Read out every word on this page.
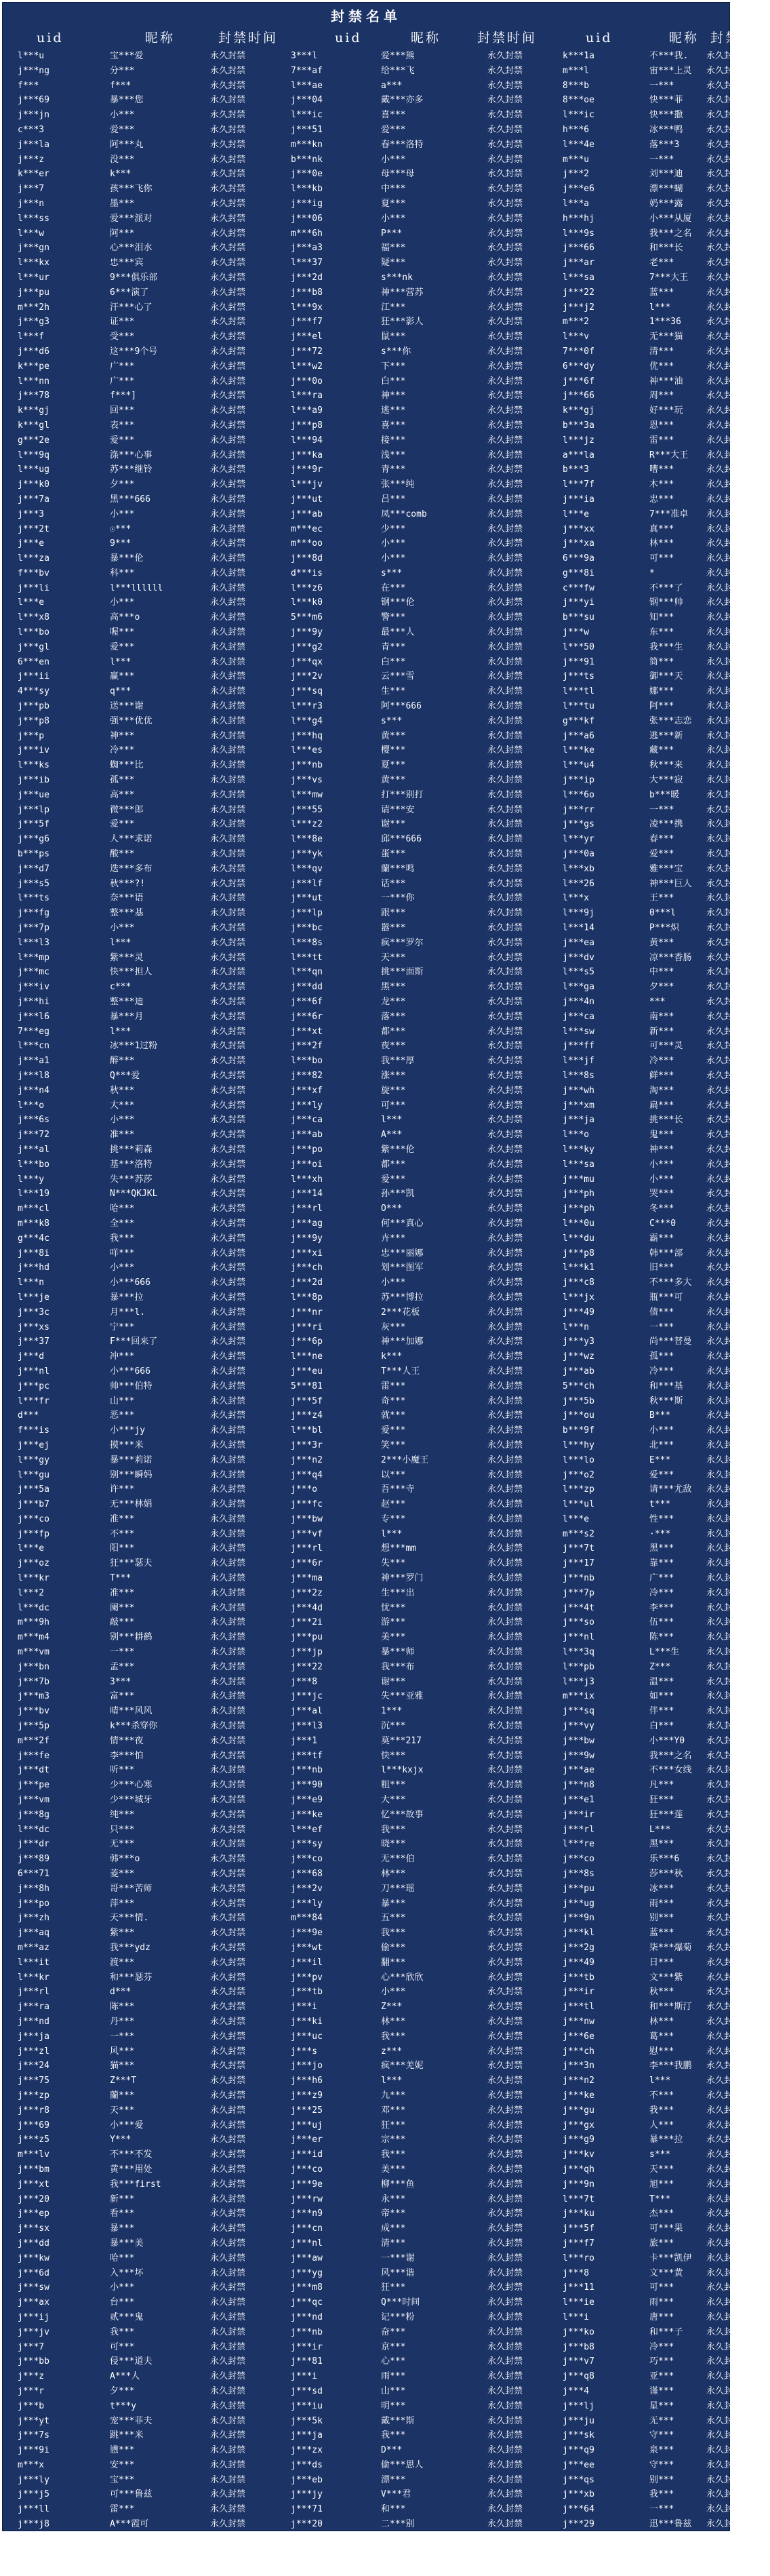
封禁名单
uid	昵称	封禁时间	uid	昵称	封禁时间	uid	昵称 封禁时间
l***u	宝***爱	永久封禁	3***l	爱***熊	永久封禁	k***1a	不***我.	永久封禁
j***ng	分***	永久封禁	7***af	给***飞	永久封禁	m***l	宙***上灵	永久封禁
f***	f***	永久封禁	l***ae	a***	永久封禁	8***b	一***	永久封禁
j***69	暴***您	永久封禁	j***04	戴***亦多	永久封禁	8***oe	快***菲	永久封禁
j***jn	小***	永久封禁	l***ic	喜***	永久封禁	l***ic	快***撒	永久封禁
c***3	爱***	永久封禁	j***51	爱***	永久封禁	h***6	冰***鸭	永久封禁
j***la	阿***丸	永久封禁	m***kn	春***洛特	永久封禁	l***4e	落***3	永久封禁
j***z	没***	永久封禁	b***nk	小***	永久封禁	m***u	一***	永久封禁
k***er	k***	永久封禁	j***0e	母***母	永久封禁	j***2	刘***迪	永久封禁
j***7	孩***飞你	永久封禁	l***kb	中***	永久封禁	j***e6	漂***蝴	永久封禁
j***n	墨***	永久封禁	j***ig	夏***	永久封禁	l***a	奶***露	永久封禁
l***ss	爱***派对	永久封禁	j***06	小***	永久封禁	h***hj	小***从厦	永久封禁
l***w	阿***	永久封禁	m***6h	P***	永久封禁	l***9s	我***之名	永久封禁
j***gn	心***泪水	永久封禁	j***a3	福***	永久封禁	j***66	和***长	永久封禁
l***kx	忠***宾	永久封禁	l***37	疑***	永久封禁	j***ar	老***	永久封禁
l***ur	9***俱乐部	永久封禁	j***2d	s***nk	永久封禁	l***sa	7***大王	永久封禁
j***pu	6***演了	永久封禁	j***b8	神***营苏	永久封禁	j***22	蓝***	永久封禁
m***2h	汗***心了	永久封禁	l***9x	江***	永久封禁	j***j2	l***	永久封禁
j***g3	证***	永久封禁	j***f7	狂***影人	永久封禁	m***2	1***36	永久封禁
l***f	受***	永久封禁	j***el	鼠***	永久封禁	l***v	无***猫	永久封禁
j***d6	这***9个号	永久封禁	j***72	s***你	永久封禁	7***0f	清***	永久封禁
k***pe	广***	永久封禁	l***w2	下***	永久封禁	6***dy	优***	永久封禁
l***nn	广***	永久封禁	j***0o	白***	永久封禁	j***6f	神***油	永久封禁
j***78	f***]	永久封禁	l***ra	神***	永久封禁	j***66	周***	永久封禁
k***gj	回***	永久封禁	l***a9	逃***	永久封禁	k***gj	好***玩	永久封禁
k***gl	表***	永久封禁	j***p8	喜***	永久封禁	b***3a	恩***	永久封禁
g***2e	爱***	永久封禁	l***94	接***	永久封禁	l***jz	雷***	永久封禁
l***9q	涤***心事	永久封禁	j***ka	浅***	永久封禁	a***la	R***大王	永久封禁
l***ug	苏***继铃	永久封禁	j***9r	青***	永久封禁	b***3	嘈***	永久封禁
j***k0	夕***	永久封禁	l***jv	张***纯	永久封禁	l***7f	木***	永久封禁
j***7a	黑***666	永久封禁	j***ut	吕***	永久封禁	j***ia	忠***	永久封禁
j***3	小***	永久封禁	j***ab	凤***comb	永久封禁	l***e	7***准卓	永久封禁
j***2t	☉***	永久封禁	m***ec	少***	永久封禁	j***xx	真***	永久封禁
j***e	9***	永久封禁	m***oo	小***	永久封禁	j***xa	林***	永久封禁
l***za	暴***伦	永久封禁	j***8d	小***	永久封禁	6***9a	可***	永久封禁
f***bv	科***	永久封禁	d***is	s***	永久封禁	g***8i	*	永久封禁
j***li	l***llllll	永久封禁	l***z6	在***	永久封禁	c***fw	不***了	永久封禁
l***e	小***	永久封禁	l***k0	钢***伦	永久封禁	j***yi	钢***帅	永久封禁
l***x8	高***o	永久封禁	5***m6	警***	永久封禁	b***su	知***	永久封禁
l***bo	喔***	永久封禁	j***9y	最***人	永久封禁	j***w	东***	永久封禁
j***gl	爱***	永久封禁	j***g2	青***	永久封禁	l***50	我***生	永久封禁
6***en	l***	永久封禁	j***qx	白***	永久封禁	j***91	简***	永久封禁
j***ii	赢***	永久封禁	j***2v	云***雪	永久封禁	j***ts	御***天	永久封禁
4***sy	q***	永久封禁	j***sq	生***	永久封禁	l***tl	娜***	永久封禁
j***pb	送***谢	永久封禁	l***r3	阿***666	永久封禁	l***tu	阿***	永久封禁
j***p8	强***优优	永久封禁	l***g4	s***	永久封禁	g***kf	张***志恋	永久封禁
j***p	神***	永久封禁	j***hq	黄***	永久封禁	j***a6	逃***新	永久封禁
j***iv	冷***	永久封禁	l***es	樱***	永久封禁	l***ke	藏***	永久封禁
l***ks	蜘***比	永久封禁	j***nb	夏***	永久封禁	l***u4	秋***来	永久封禁
j***ib	孤***	永久封禁	j***vs	黄***	永久封禁	j***ip	大***寂	永久封禁
j***ue	高***	永久封禁	l***mw	打***别打	永久封禁	l***6o	b***暖	永久封禁
j***lp	微***郎	永久封禁	j***55	请***安	永久封禁	j***rr	一***	永久封禁
j***5f	爱***	永久封禁	l***z2	谢***	永久封禁	j***gs	凌***携	永久封禁
j***g6	人***求诺	永久封禁	l***8e	邱***666	永久封禁	l***yr	春***	永久封禁
b***ps	酸***	永久封禁	j***yk	蛋***	永久封禁	j***0a	爱***	永久封禁
j***d7	迭***多布	永久封禁	l***qv	蘭***鸣	永久封禁	l***xb	雅***宝	永久封禁
j***s5	秋***?!	永久封禁	j***lf	话***	永久封禁	l***26	神***巨人	永久封禁
l***ts	奈***语	永久封禁	j***ut	一***你	永久封禁	l***x	王***	永久封禁
j***fg	整***基	永久封禁	j***lp	跟***	永久封禁	l***9j	0***l	永久封禁
j***7p	小***	永久封禁	j***bc	嚣***	永久封禁	l***14	P***炽	永久封禁
l***l3	l***	永久封禁	l***8s	疯***罗尔	永久封禁	j***ea	黄***	永久封禁
l***mp	紫***灵	永久封禁	l***tt	天***	永久封禁	j***dv	凉***香肠	永久封禁
j***mc	快***担人	永久封禁	l***qn	挑***面斯	永久封禁	l***s5	中***	永久封禁
j***iv	c***	永久封禁	j***dd	黑***	永久封禁	l***ga	夕***	永久封禁
j***hi	整***迪	永久封禁	j***6f	龙***	永久封禁	j***4n	***	永久封禁
j***l6	暴***月	永久封禁	j***6r	落***	永久封禁	j***ca	南***	永久封禁
7***eg	l***	永久封禁	j***xt	都***	永久封禁	l***sw	新***	永久封禁
l***cn	冰***1过粉	永久封禁	j***2f	夜***	永久封禁	j***ff	可***灵	永久封禁
j***a1	醉***	永久封禁	l***bo	我***厚	永久封禁	l***jf	冷***	永久封禁
j***l8	Q***爱	永久封禁	j***82	涨***	永久封禁	l***8s	鲜***	永久封禁
j***n4	秋***	永久封禁	j***xf	旋***	永久封禁	j***wh	淘***	永久封禁
l***o	大***	永久封禁	j***ly	可***	永久封禁	j***xm	扁***	永久封禁
j***6s	小***	永久封禁	j***ca	l***	永久封禁	j***ja	挑***长	永久封禁
j***72	准***	永久封禁	j***ab	A***	永久封禁	l***o	鬼***	永久封禁
j***al	挑***莉森	永久封禁	j***po	紫***伦	永久封禁	l***ky	神***	永久封禁
l***bo	基***洛特	永久封禁	j***oi	都***	永久封禁	l***sa	小***	永久封禁
l***y	失***苏莎	永久封禁	l***xh	爱***	永久封禁	j***mu	小***	永久封禁
l***19	N***QKJKL	永久封禁	j***14	孙***凯	永久封禁	j***ph	哭***	永久封禁
m***cl	哈***	永久封禁	j***rl	O***	永久封禁	j***ph	冬***	永久封禁
m***k8	全***	永久封禁	j***ag	何***真心	永久封禁	l***0u	C***0	永久封禁
g***4c	我***	永久封禁	j***9y	卉***	永久封禁	l***du	霸***	永久封禁
j***8i	咩***	永久封禁	j***xi	忠***丽娜	永久封禁	j***p8	韩***部	永久封禁
j***hd	小***	永久封禁	j***ch	划***图军	永久封禁	l***k1	旧***	永久封禁
l***n	小***666	永久封禁	j***2d	小***	永久封禁	j***c8	不***多大	永久封禁
l***je	暴***拉	永久封禁	l***8p	苏***博拉	永久封禁	l***jx	瓶***可	永久封禁
j***3c	月***l.	永久封禁	j***nr	2***花板	永久封禁	j***49	债***	永久封禁
j***xs	宁***	永久封禁	j***ri	灰***	永久封禁	l***n	一***	永久封禁
j***37	F***回来了	永久封禁	j***6p	神***加娜	永久封禁	j***y3	尚***替曼	永久封禁
j***d	冲***	永久封禁	l***ne	k***	永久封禁	j***wz	孤***	永久封禁
j***nl	小***666	永久封禁	j***eu	T***人王	永久封禁	j***ab	冷***	永久封禁
j***pc	帅***伯特	永久封禁	5***81	雷***	永久封禁	5***ch	和***基	永久封禁
l***fr	山***	永久封禁	j***5f	奇***	永久封禁	j***5b	秋***斯	永久封禁
d***	恶***	永久封禁	j***z4	就***	永久封禁	j***ou	B***	永久封禁
f***is	小***jy	永久封禁	l***bl	爱***	永久封禁	b***9f	小***	永久封禁
j***ej	摸***米	永久封禁	j***3r	笑***	永久封禁	l***hy	北***	永久封禁
l***gy	暴***莉诺	永久封禁	j***n2	2***小魔王	永久封禁	l***lo	E***	永久封禁
l***gu	别***瞬妈	永久封禁	j***q4	以***	永久封禁	j***o2	爱***	永久封禁
j***5a	许***	永久封禁	j***o	吾***寺	永久封禁	l***zp	请***尤敌	永久封禁
j***b7	无***林娟	永久封禁	j***fc	赵***	永久封禁	l***ul	t***	永久封禁
j***co	准***	永久封禁	j***bw	专***	永久封禁	l***e	性***	永久封禁
j***fp	不***	永久封禁	j***vf	l***	永久封禁	m***s2	·***	永久封禁
l***e	阳***	永久封禁	j***rl	想***mm	永久封禁	j***7t	黑***	永久封禁
j***oz	狂***瑟夫	永久封禁	j***6r	失***	永久封禁	j***17	靠***	永久封禁
l***kr	T***	永久封禁	j***ma	神***罗门	永久封禁	j***nb	广***	永久封禁
l***2	准***	永久封禁	j***2z	生***出	永久封禁	j***7p	冷***	永久封禁
l***dc	阑***	永久封禁	j***4d	忧***	永久封禁	j***4t	李***	永久封禁
m***9h	敲***	永久封禁	j***2i	游***	永久封禁	j***so	伍***	永久封禁
m***m4	别***耕鹤	永久封禁	j***pu	美***	永久封禁	j***nl	陈***	永久封禁
m***vm	一***	永久封禁	j***jp	暴***师	永久封禁	l***3q	L***生	永久封禁
j***bn	孟***	永久封禁	j***22	我***布	永久封禁	l***pb	Z***	永久封禁
j***7b	3***	永久封禁	j***8	谢***	永久封禁	l***j3	温***	永久封禁
j***m3	富***	永久封禁	j***jc	失***亚雅	永久封禁	m***ix	如***	永久封禁
j***bv	晴***风风	永久封禁	j***al	1***	永久封禁	j***sq	伴***	永久封禁
j***5p	k***杀穿你	永久封禁	j***l3	沉***	永久封禁	j***vy	白***	永久封禁
m***2f	情***夜	永久封禁	j***1	莫***217	永久封禁	j***bw	小***Y0	永久封禁
j***fe	李***怕	永久封禁	j***tf	快***	永久封禁	j***9w	我***之名	永久封禁
j***dt	听***	永久封禁	j***nb	l***kxjx	永久封禁	j***ae	不***女线	永久封禁
j***pe	少***心寒	永久封禁	j***90	粗***	永久封禁	j***n8	凡***	永久封禁
j***vm	少***城牙	永久封禁	j***e9	大***	永久封禁	j***e1	狂***	永久封禁
j***8g	纯***	永久封禁	j***ke	忆***故事	永久封禁	j***ir	狂***莲	永久封禁
l***dc	只***	永久封禁	l***ef	我***	永久封禁	j***rl	L***	永久封禁
j***dr	无***	永久封禁	j***sy	晓***	永久封禁	l***re	黑***	永久封禁
j***89	韩***o	永久封禁	j***co	无***伯	永久封禁	j***co	乐***6	永久封禁
6***71	菱***	永久封禁	j***68	林***	永久封禁	j***8s	莎***秋	永久封禁
j***8h	哥***苦师	永久封禁	j***2v	刀***瑶	永久封禁	j***pu	冰***	永久封禁
j***po	萍***	永久封禁	j***ly	暴***	永久封禁	j***ug	雨***	永久封禁
j***zh	天***情.	永久封禁	m***84	五***	永久封禁	j***9n	别***	永久封禁
j***aq	紫***	永久封禁	j***9e	我***	永久封禁	j***kl	蓝***	永久封禁
m***az	我***ydz	永久封禁	j***wt	偷***	永久封禁	j***2g	柒***爆菊	永久封禁
l***it	渡***	永久封禁	j***il	翻***	永久封禁	j***49	日***	永久封禁
l***kr	和***瑟芬	永久封禁	j***pv	心***欣欣	永久封禁	j***tb	文***紫	永久封禁
j***rl	d***	永久封禁	j***tb	小***	永久封禁	j***ir	秋***	永久封禁
j***ra	陈***	永久封禁	j***i	Z***	永久封禁	j***tl	和***斯汀	永久封禁
j***nd	丹***	永久封禁	j***ki	林***	永久封禁	j***nw	林***	永久封禁
j***ja	一***	永久封禁	j***uc	我***	永久封禁	j***6e	葛***	永久封禁
j***zl	风***	永久封禁	j***s	z***	永久封禁	j***ch	慰***	永久封禁
j***24	猫***	永久封禁	j***jo	疯***羌妮	永久封禁	j***3n	李***我鹏	永久封禁
j***75	Z***T	永久封禁	j***h6	l***	永久封禁	j***n2	l***	永久封禁
j***zp	蘭***	永久封禁	j***z9	九***	永久封禁	j***ke	不***	永久封禁
j***r8	天***	永久封禁	j***25	邓***	永久封禁	j***gu	我***	永久封禁
j***69	小***爱	永久封禁	j***uj	狂***	永久封禁	j***gx	人***	永久封禁
j***z5	Y***	永久封禁	j***er	宗***	永久封禁	j***g9	暴***拉	永久封禁
m***lv	不***不发	永久封禁	j***id	我***	永久封禁	j***kv	s***	永久封禁
j***bm	黄***用处	永久封禁	j***co	美***	永久封禁	j***qh	天***	永久封禁
j***xt	我***first	永久封禁	j***9e	柳***鱼	永久封禁	j***9n	旭***	永久封禁
j***20	新***	永久封禁	j***rw	永***	永久封禁	l***7t	T***	永久封禁
j***ep	看***	永久封禁	j***n9	帝***	永久封禁	j***ku	杰***	永久封禁
j***sx	暴***	永久封禁	j***cn	成***	永久封禁	j***5f	可***果	永久封禁
j***dd	暴***美	永久封禁	j***nl	清***	永久封禁	j***f7	旅***	永久封禁
j***kw	哈***	永久封禁	j***aw	一***谢	永久封禁	l***ro	卡***凯伊	永久封禁
j***6d	入***坏	永久封禁	j***yg	风***谐	永久封禁	j***8	文***黄	永久封禁
j***sw	小***	永久封禁	j***m8	狂***	永久封禁	j***11	可***	永久封禁
j***ax	台***	永久封禁	j***qc	Q***时间	永久封禁	l***ie	雨***	永久封禁
j***ij	贰***鬼	永久封禁	j***nd	记***粉	永久封禁	l***i	唐***	永久封禁
j***jv	我***	永久封禁	j***nb	奋***	永久封禁	j***ko	和***子	永久封禁
j***7	可***	永久封禁	j***ir	京***	永久封禁	j***b8	冷***	永久封禁
j***bb	侵***道夫	永久封禁	j***81	心***	永久封禁	j***v7	巧***	永久封禁
j***z	A***人	永久封禁	j***i	雨***	永久封禁	j***q8	亚***	永久封禁
j***r	夕***	永久封禁	j***sd	山***	永久封禁	j***4	谨***	永久封禁
j***b	t***y	永久封禁	j***iu	明***	永久封禁	j***lj	星***	永久封禁
j***yt	宠***菲夫	永久封禁	j***5k	戴***斯	永久封禁	j***ju	无***	永久封禁
j***7s	跳***米	永久封禁	j***ja	我***	永久封禁	j***sk	守***	永久封禁
j***9i	懑***	永久封禁	j***zx	D***	永久封禁	j***q9	泉***	永久封禁
m***x	安***	永久封禁	j***ds	偷***思人	永久封禁	j***ee	守***	永久封禁
j***ly	宝***	永久封禁	j***eb	漂***	永久封禁	j***qs	别***	永久封禁
j***j5	可***鲁兹	永久封禁	j***jy	V***君	永久封禁	j***xb	我***	永久封禁
j***ll	雷***	永久封禁	j***71	和***	永久封禁	j***64	一***	永久封禁
j***j8	A***霞可	永久封禁	j***20	二***别	永久封禁	j***29	迅***鲁兹	永久封禁
j***nm	牛***	永久封禁	j***ax	小***	永久封禁	j***rk	巧***	永久封禁
j***d8	守***	永久封禁	j***eq	卧***	永久封禁	j***6y	打***子	永久封禁
j***55	睡***菲	永久封禁	j***pa	帜***	永久封禁	j***z5	贵***	永久封禁
